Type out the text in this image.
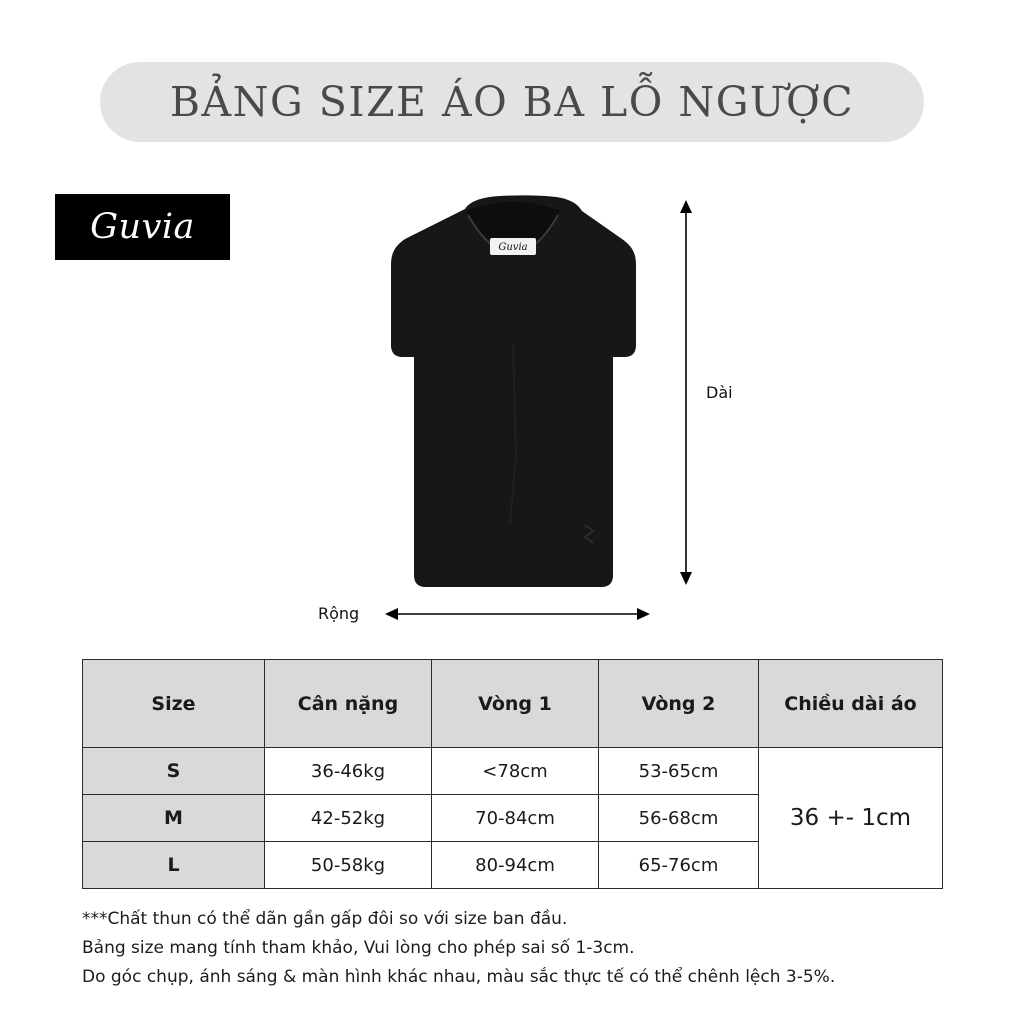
BẢNG SIZE ÁO BA LỖ NGƯỢC
Guvia
Guvia
Dài
Rộng
Size	Cân nặng	Vòng 1	Vòng 2	Chiều dài áo
S	36-46kg	<78cm	53-65cm	36 +- 1cm
M	42-52kg	70-84cm	56-68cm	
L	50-58kg	80-94cm	65-76cm	
***Chất thun có thể dãn gần gấp đôi so với size ban đầu.
Bảng size mang tính tham khảo, Vui lòng cho phép sai số 1-3cm.
Do góc chụp, ánh sáng & màn hình khác nhau, màu sắc thực tế có thể chênh lệch 3-5%.
